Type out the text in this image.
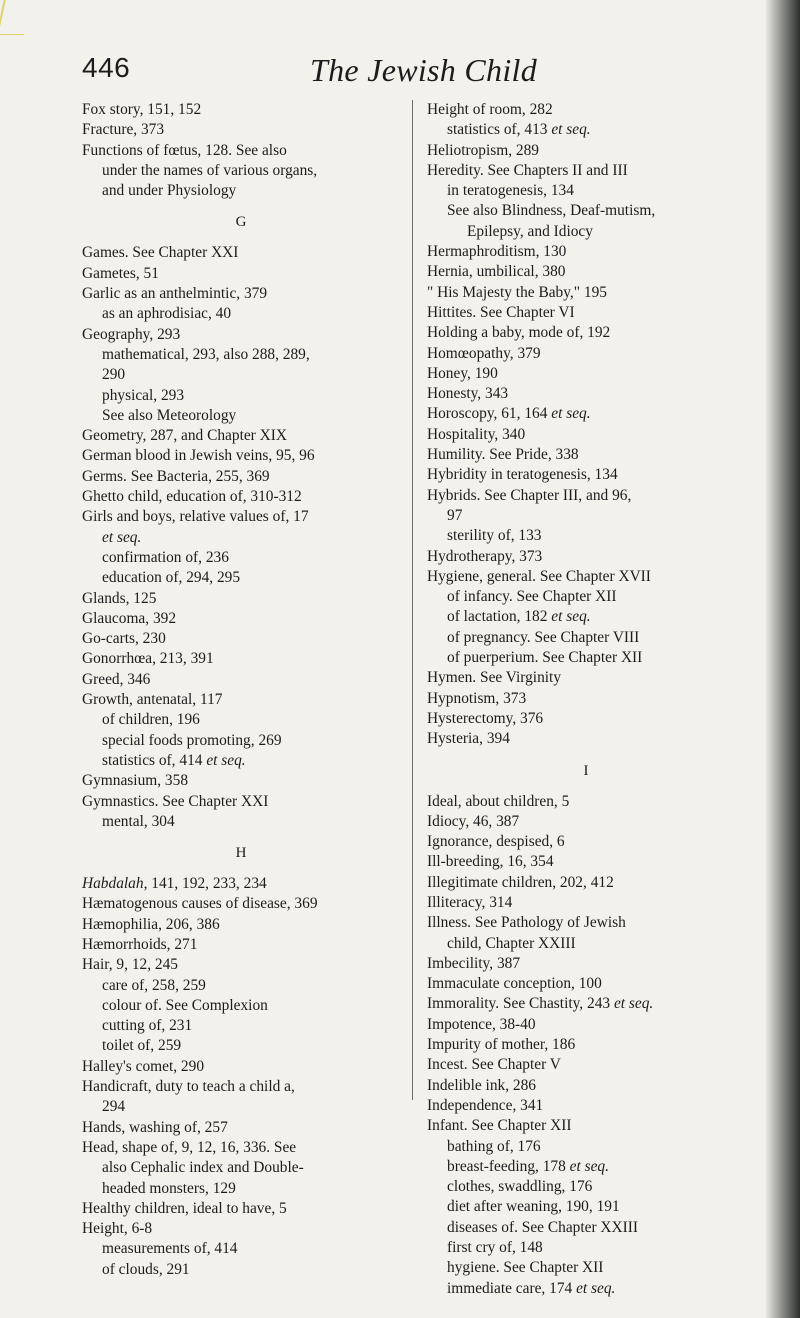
446	The Jewish Child
Fox story, 151, 152
Fracture, 373
Functions of fœtus, 128. See also
under the names of various organs,
and under Physiology
G
Games. See Chapter XXI
Gametes, 51
Garlic as an anthelmintic, 379
as an aphrodisiac, 40
Geography, 293
mathematical, 293, also 288, 289,
290
physical, 293
See also Meteorology
Geometry, 287, and Chapter XIX
German blood in Jewish veins, 95, 96
Germs. See Bacteria, 255, 369
Ghetto child, education of, 310-312
Girls and boys, relative values of, 17
et seq.
confirmation of, 236
education of, 294, 295
Glands, 125
Glaucoma, 392
Go-carts, 230
Gonorrhœa, 213, 391
Greed, 346
Growth, antenatal, 117
of children, 196
special foods promoting, 269
statistics of, 414 et seq.
Gymnasium, 358
Gymnastics. See Chapter XXI
mental, 304
H
Habdalah, 141, 192, 233, 234
Hæmatogenous causes of disease, 369
Hæmophilia, 206, 386
Hæmorrhoids, 271
Hair, 9, 12, 245
care of, 258, 259
colour of. See Complexion
cutting of, 231
toilet of, 259
Halley's comet, 290
Handicraft, duty to teach a child a,
294
Hands, washing of, 257
Head, shape of, 9, 12, 16, 336. See
also Cephalic index and Double-
headed monsters, 129
Healthy children, ideal to have, 5
Height, 6-8
measurements of, 414
of clouds, 291
Height of room, 282
statistics of, 413 et seq.
Heliotropism, 289
Heredity. See Chapters II and III
in teratogenesis, 134
See also Blindness, Deaf-mutism,
Epilepsy, and Idiocy
Hermaphroditism, 130
Hernia, umbilical, 380
" His Majesty the Baby," 195
Hittites. See Chapter VI
Holding a baby, mode of, 192
Homœopathy, 379
Honey, 190
Honesty, 343
Horoscopy, 61, 164 et seq.
Hospitality, 340
Humility. See Pride, 338
Hybridity in teratogenesis, 134
Hybrids. See Chapter III, and 96,
97
sterility of, 133
Hydrotherapy, 373
Hygiene, general. See Chapter XVII
of infancy. See Chapter XII
of lactation, 182 et seq.
of pregnancy. See Chapter VIII
of puerperium. See Chapter XII
Hymen. See Virginity
Hypnotism, 373
Hysterectomy, 376
Hysteria, 394
I
Ideal, about children, 5
Idiocy, 46, 387
Ignorance, despised, 6
Ill-breeding, 16, 354
Illegitimate children, 202, 412
Illiteracy, 314
Illness. See Pathology of Jewish
child, Chapter XXIII
Imbecility, 387
Immaculate conception, 100
Immorality. See Chastity, 243 et seq.
Impotence, 38-40
Impurity of mother, 186
Incest. See Chapter V
Indelible ink, 286
Independence, 341
Infant. See Chapter XII
bathing of, 176
breast-feeding, 178 et seq.
clothes, swaddling, 176
diet after weaning, 190, 191
diseases of. See Chapter XXIII
first cry of, 148
hygiene. See Chapter XII
immediate care, 174 et seq.
